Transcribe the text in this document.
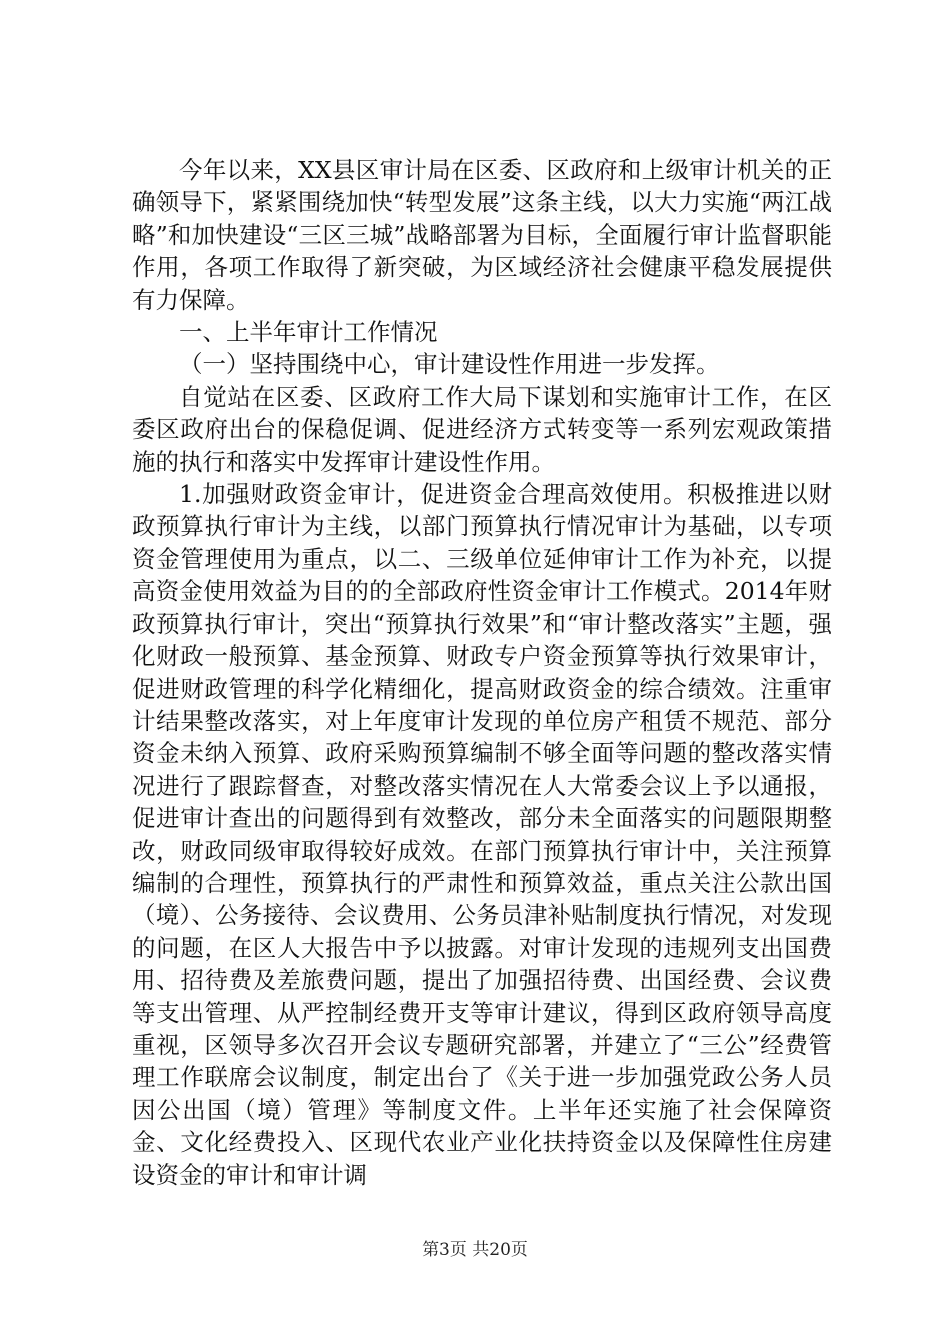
今年以来，XX县区审计局在区委、区政府和上级审计机关的正确领导下，紧紧围绕加快“转型发展”这条主线，以大力实施“两江战略”和加快建设“三区三城”战略部署为目标，全面履行审计监督职能作用，各项工作取得了新突破，为区域经济社会健康平稳发展提供有力保障。

一、上半年审计工作情况

（一）坚持围绕中心，审计建设性作用进一步发挥。

自觉站在区委、区政府工作大局下谋划和实施审计工作，在区委区政府出台的保稳促调、促进经济方式转变等一系列宏观政策措施的执行和落实中发挥审计建设性作用。

1.加强财政资金审计，促进资金合理高效使用。积极推进以财政预算执行审计为主线，以部门预算执行情况审计为基础，以专项资金管理使用为重点，以二、三级单位延伸审计工作为补充，以提高资金使用效益为目的的全部政府性资金审计工作模式。2014年财政预算执行审计，突出“预算执行效果”和“审计整改落实”主题，强化财政一般预算、基金预算、财政专户资金预算等执行效果审计，促进财政管理的科学化精细化，提高财政资金的综合绩效。注重审计结果整改落实，对上年度审计发现的单位房产租赁不规范、部分资金未纳入预算、政府采购预算编制不够全面等问题的整改落实情况进行了跟踪督查，对整改落实情况在人大常委会议上予以通报，促进审计查出的问题得到有效整改，部分未全面落实的问题限期整改，财政同级审取得较好成效。在部门预算执行审计中，关注预算编制的合理性，预算执行的严肃性和预算效益，重点关注公款出国（境）、公务接待、会议费用、公务员津补贴制度执行情况，对发现的问题，在区人大报告中予以披露。对审计发现的违规列支出国费用、招待费及差旅费问题，提出了加强招待费、出国经费、会议费等支出管理、从严控制经费开支等审计建议，得到区政府领导高度重视，区领导多次召开会议专题研究部署，并建立了“三公”经费管理工作联席会议制度，制定出台了《关于进一步加强党政公务人员因公出国（境）管理》等制度文件。上半年还实施了社会保障资金、文化经费投入、区现代农业产业化扶持资金以及保障性住房建设资金的审计和审计调

第3页 共20页
